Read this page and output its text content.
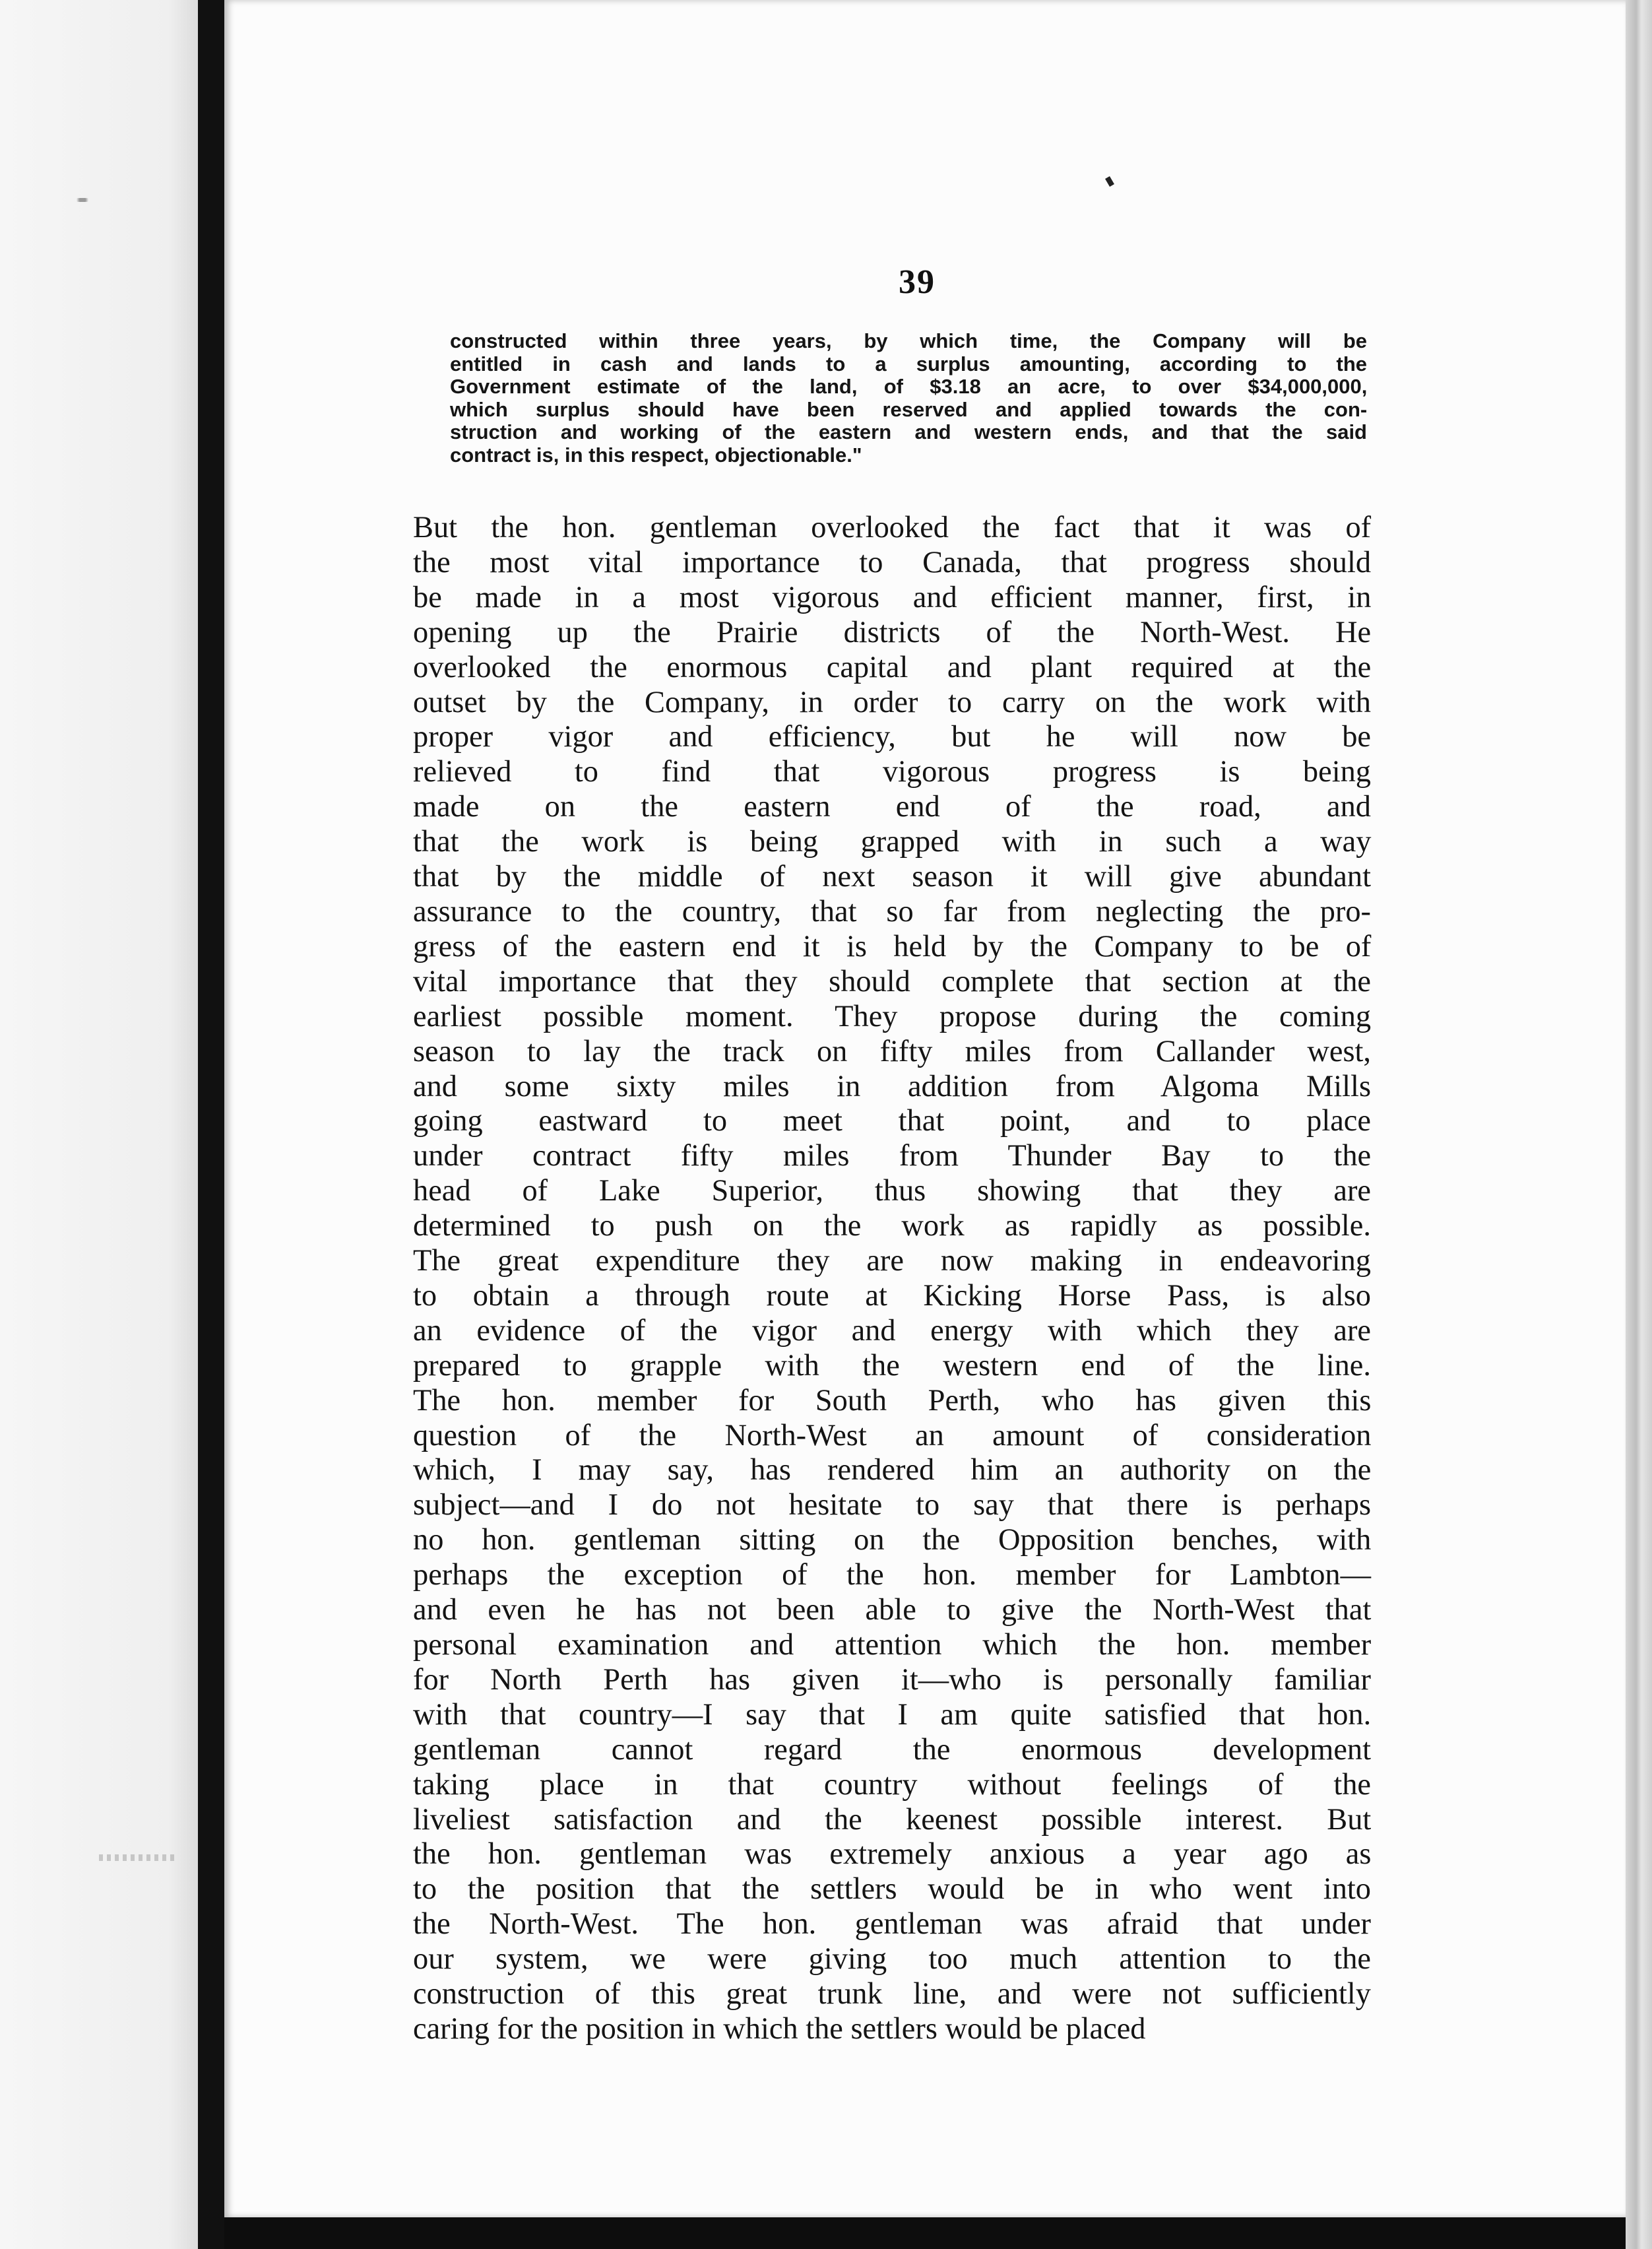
39
constructed within three years, by which time, the Company will be
entitled in cash and lands to a surplus amounting, according to the
Government estimate of the land, of $3.18 an acre, to over $34,000,000,
which surplus should have been reserved and applied towards the con-
struction and working of the eastern and western ends, and that the said
contract is, in this respect, objectionable."
But the hon. gentleman overlooked the fact that it was of
the most vital importance to Canada, that progress should
be made in a most vigorous and efficient manner, first, in
opening up the Prairie districts of the North-West. He
overlooked the enormous capital and plant required at the
outset by the Company, in order to carry on the work with
proper vigor and efficiency, but he will now be
relieved to find that vigorous progress is being
made on the eastern end of the road, and
that the work is being grapped with in such a way
that by the middle of next season it will give abundant
assurance to the country, that so far from neglecting the pro-
gress of the eastern end it is held by the Company to be of
vital importance that they should complete that section at the
earliest possible moment. They propose during the coming
season to lay the track on fifty miles from Callander west,
and some sixty miles in addition from Algoma Mills
going eastward to meet that point, and to place
under contract fifty miles from Thunder Bay to the
head of Lake Superior, thus showing that they are
determined to push on the work as rapidly as possible.
The great expenditure they are now making in endeavoring
to obtain a through route at Kicking Horse Pass, is also
an evidence of the vigor and energy with which they are
prepared to grapple with the western end of the line.
The hon. member for South Perth, who has given this
question of the North-West an amount of consideration
which, I may say, has rendered him an authority on the
subject—and I do not hesitate to say that there is perhaps
no hon. gentleman sitting on the Opposition benches, with
perhaps the exception of the hon. member for Lambton—
and even he has not been able to give the North-West that
personal examination and attention which the hon. member
for North Perth has given it—who is personally familiar
with that country—I say that I am quite satisfied that hon.
gentleman cannot regard the enormous development
taking place in that country without feelings of the
liveliest satisfaction and the keenest possible interest. But
the hon. gentleman was extremely anxious a year ago as
to the position that the settlers would be in who went into
the North-West. The hon. gentleman was afraid that under
our system, we were giving too much attention to the
construction of this great trunk line, and were not sufficiently
caring for the position in which the settlers would be placed
